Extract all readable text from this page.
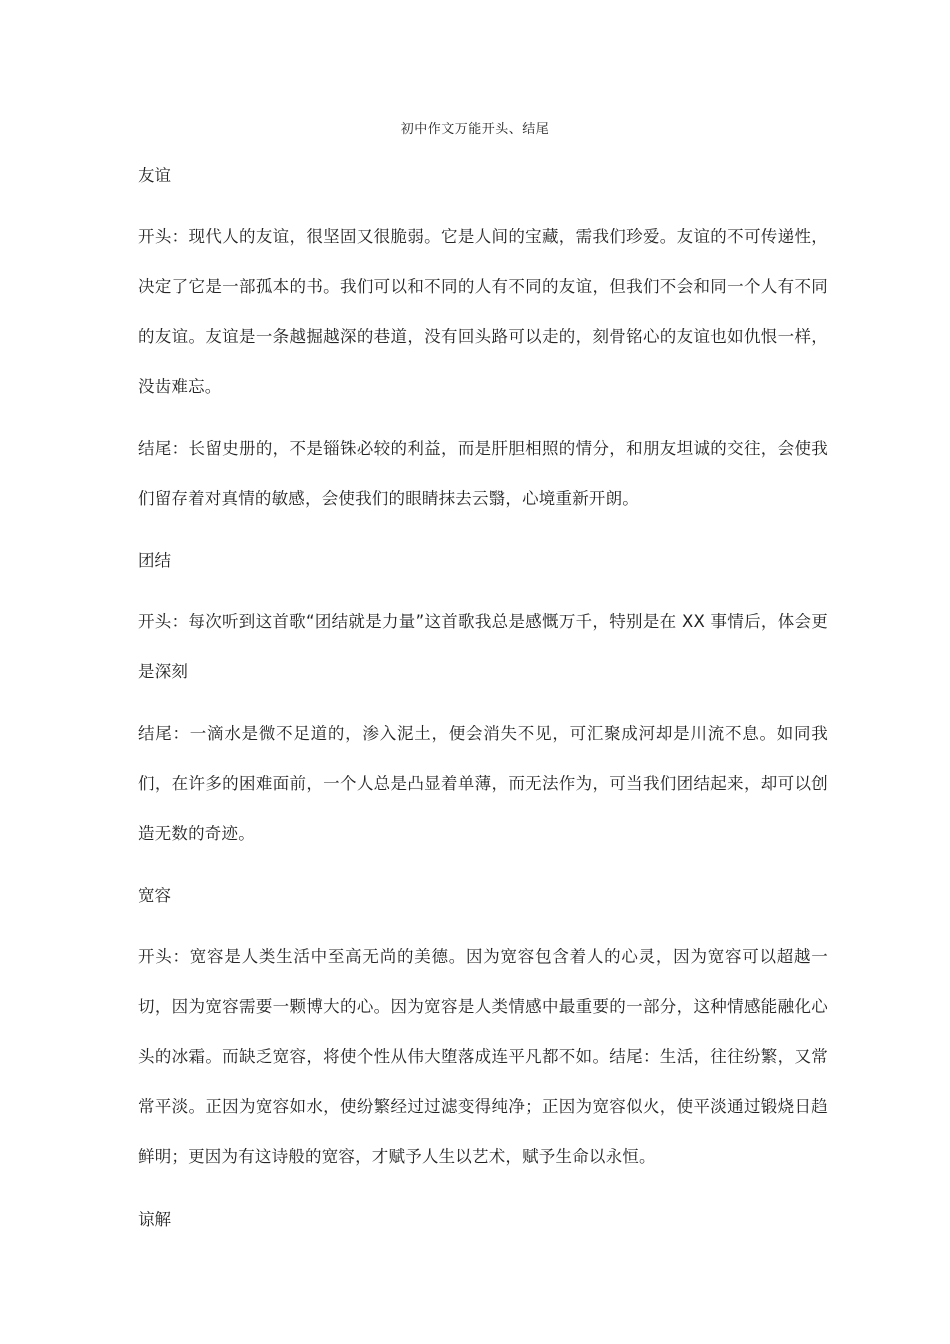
初中作文万能开头、结尾
友谊
开头：现代人的友谊，很坚固又很脆弱。它是人间的宝藏，需我们珍爱。友谊的不可传递性，决定了它是一部孤本的书。我们可以和不同的人有不同的友谊，但我们不会和同一个人有不同的友谊。友谊是一条越掘越深的巷道，没有回头路可以走的，刻骨铭心的友谊也如仇恨一样，没齿难忘。
结尾：长留史册的，不是锱铢必较的利益，而是肝胆相照的情分，和朋友坦诚的交往，会使我们留存着对真情的敏感，会使我们的眼睛抹去云翳，心境重新开朗。
团结
开头：每次听到这首歌“团结就是力量”这首歌我总是感慨万千，特别是在 XX 事情后，体会更是深刻
结尾：一滴水是微不足道的，渗入泥土，便会消失不见，可汇聚成河却是川流不息。如同我们，在许多的困难面前，一个人总是凸显着单薄，而无法作为，可当我们团结起来，却可以创造无数的奇迹。
宽容
开头：宽容是人类生活中至高无尚的美德。因为宽容包含着人的心灵，因为宽容可以超越一切，因为宽容需要一颗博大的心。因为宽容是人类情感中最重要的一部分，这种情感能融化心头的冰霜。而缺乏宽容，将使个性从伟大堕落成连平凡都不如。结尾：生活，往往纷繁，又常常平淡。正因为宽容如水，使纷繁经过过滤变得纯净；正因为宽容似火，使平淡通过锻烧日趋鲜明；更因为有这诗般的宽容，才赋予人生以艺术，赋予生命以永恒。
谅解
